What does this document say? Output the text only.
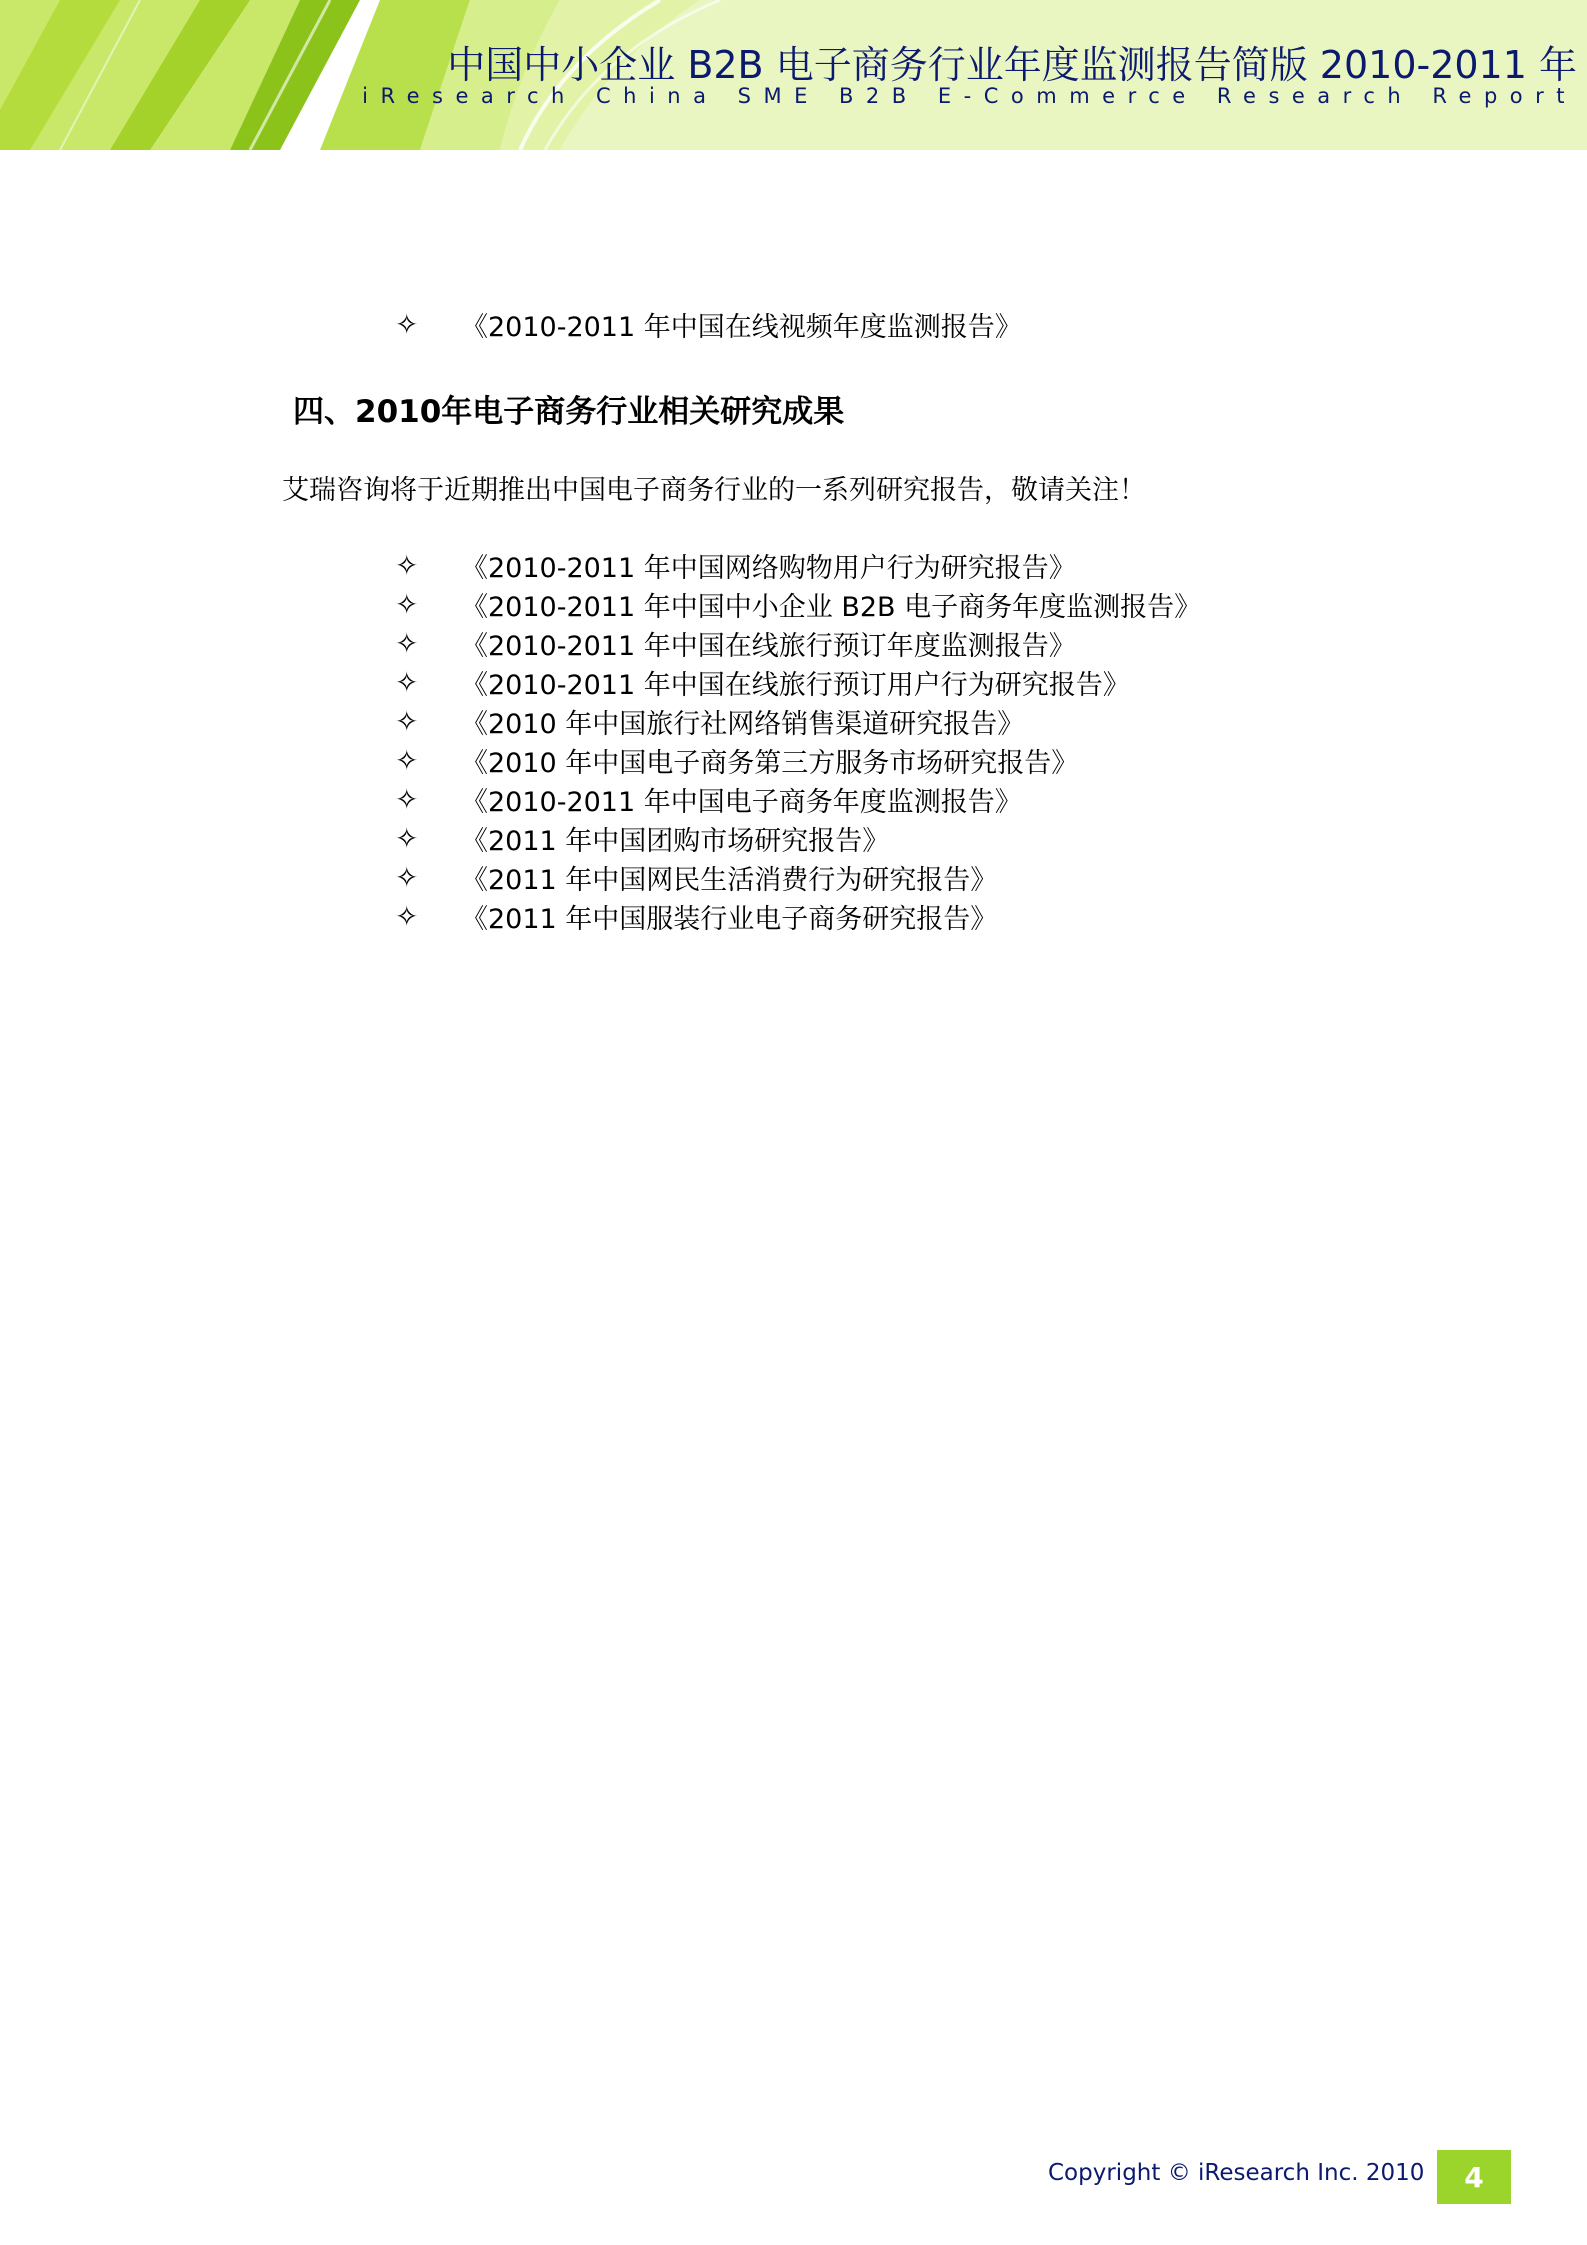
中国中小企业 B2B 电子商务行业年度监测报告简版 2010-2011 年
iResearch China SME B2B E-Commerce Research Report
✧	《2010-2011 年中国在线视频年度监测报告》
四、2010年电子商务行业相关研究成果
艾瑞咨询将于近期推出中国电子商务行业的一系列研究报告，敬请关注！
✧	《2010-2011 年中国网络购物用户行为研究报告》
✧	《2010-2011 年中国中小企业 B2B 电子商务年度监测报告》
✧	《2010-2011 年中国在线旅行预订年度监测报告》
✧	《2010-2011 年中国在线旅行预订用户行为研究报告》
✧	《2010 年中国旅行社网络销售渠道研究报告》
✧	《2010 年中国电子商务第三方服务市场研究报告》
✧	《2010-2011 年中国电子商务年度监测报告》
✧	《2011 年中国团购市场研究报告》
✧	《2011 年中国网民生活消费行为研究报告》
✧	《2011 年中国服装行业电子商务研究报告》
Copyright © iResearch Inc. 2010 4
